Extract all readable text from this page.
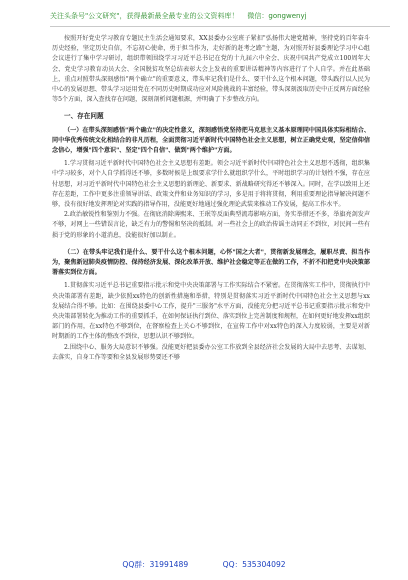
关注头条号"公文研究"，获得最新最全最专业的公文资料库！ 微信：gongwenyj

按照开好党史学习教育专题民主生活会通知要求，XX县委办公室班子紧扣"弘扬伟大建党精神，坚持党的百年奋斗历史经验，坚定历史自信，不忘初心使命，勇于担当作为，走好新的赶考之路"主题，为对照开好县委理论学习中心组会议进行了集中学习研讨，组织带领围绕学习习近平总书记在党的十九届六中全会、庆祝中国共产党成立100周年大会、党史学习教育动员大会、全国脱贫攻坚总结表彰大会上发表的重要讲话精神等内容进行了个人自学。并在此基础上，重点对照带头深刻感悟"两个确立"的重要意义，带头牢记我们是什么、要干什么这个根本问题，带头践行以人民为中心的发展思想、带头学习运用党在不同历史时期成功应对风险挑战的丰富经验，带头深刻汲取历史中正反两方面经验等5个方面，深入查找存在问题，深刻剖析问题根源，并明确了下步整改方向。

一、存在问题

（一）在带头深刻感悟"两个确立"的决定性意义，深刻感悟党坚持把马克思主义基本原理同中国具体实际相结合、同中华优秀传统文化相结合的非凡历程，全面贯彻习近平新时代中国特色社会主义思想，树立正确党史观，坚定信仰信念信心，增强"四个意识"、坚定"四个自信"、做到"两个维护"方面。

1.学习贯彻习近平新时代中国特色社会主义思想有差距。领会习近平新时代中国特色社会主义思想不透彻，组织集中学习较多，对个人自学抓得还不够，多数时候是上级要求学什么就组织学什么，平时组织学习的计划性不强，存在应付思想，对习近平新时代中国特色社会主义思想的新理论、新要求、新战略研究得还不够深入。同时，在学以致用上还存在差距，工作中更多注重领导讲话、政策文件和业务知识的学习，多是用于将将贯彻，利用重要理论指导解决问题不够，没有很好地发挥理论对实践的指导作用，没能更好地通过强化理论武装来推动工作发展，提高工作水平。

2.政治敏锐性和鉴别力不强。在彻底消除薄熙来、王珉等反面典型流毒影响方面，务实举措还不多，举旗亮剑发声不够，对网上一些错误言论，缺乏有力的警惕和坚决的抵制。对一些社会上的政治传谣主动同正不到位，对民间一些有损于党的形象的小道消息，没能很好加以制止。

（二）在带头牢记我们是什么、要干什么这个根本问题，心怀"国之大者"，贯彻新发展理念，履职尽责、担当作为，聚焦新冠肺炎疫情防控、保持经济发展、深化改革开放、维护社会稳定等正在做的工作，不折不扣把党中央决策部署落实到位方面。

1.贯彻落实习近平总书记重要指示批示和党中央决策部署与工作实际结合不紧密。在贯彻落实工作中，贯彻执行中央决策部署有差距，缺少依照xx特色的创新性措施和举措，特别是贯彻落实习近平新时代中国特色社会主义思想与xx发展结合得不够。比如：在围绕县委中心工作，提升"三服务"水平方面，没能充分把习近平总书记重要指示批示和党中央决策部署转化为推动工作的重要抓手，在如何保证执行到位、落实到位上完善制度和规程，在如何更好地发挥xx组织部门的作用，在xx特色不够到位，在督察检查上关心不够到位，在宣传工作中对xx特色的深入力度较弱，主要是对新时期新的工作主体的整改不到位，思想认识不够到位。

2.围绕中心、服务大局意识不够强。没能更好把县委办公室工作放到全县经济社会发展的大局中去思考、去谋划、去落实，自身工作等要和全县发展形势要还不够

QQ群：31991489	QQ：535304092
